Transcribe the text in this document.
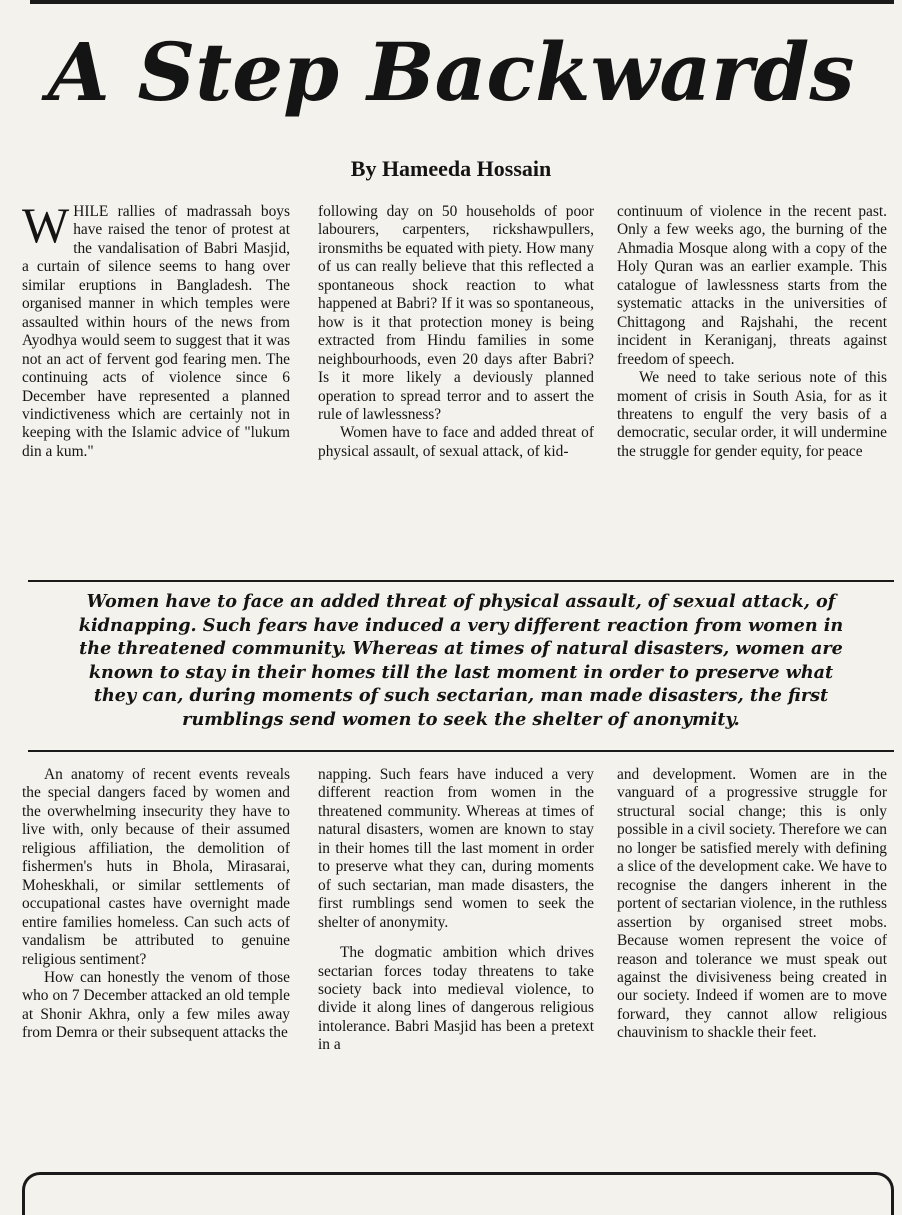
A Step Backwards
By Hameeda Hossain

WHILE rallies of madrassah boys have raised the tenor of protest at the vandalisation of Babri Masjid, a curtain of silence seems to hang over similar eruptions in Bangladesh. The organised manner in which temples were assaulted within hours of the news from Ayodhya would seem to suggest that it was not an act of fervent god fearing men. The continuing acts of violence since 6 December have represented a planned vindictiveness which are certainly not in keeping with the Islamic advice of "lukum din a kum."

following day on 50 households of poor labourers, carpenters, rickshawpullers, ironsmiths be equated with piety. How many of us can really believe that this reflected a spontaneous shock reaction to what happened at Babri? If it was so spontaneous, how is it that protection money is being extracted from Hindu families in some neighbourhoods, even 20 days after Babri? Is it more likely a deviously planned operation to spread terror and to assert the rule of lawlessness?

Women have to face and added threat of physical assault, of sexual attack, of kid-

continuum of violence in the recent past. Only a few weeks ago, the burning of the Ahmadia Mosque along with a copy of the Holy Quran was an earlier example. This catalogue of lawlessness starts from the systematic attacks in the universities of Chittagong and Rajshahi, the recent incident in Keraniganj, threats against freedom of speech.

We need to take serious note of this moment of crisis in South Asia, for as it threatens to engulf the very basis of a democratic, secular order, it will undermine the struggle for gender equity, for peace

Women have to face an added threat of physical assault, of sexual attack, of
kidnapping. Such fears have induced a very different reaction from women in
the threatened community. Whereas at times of natural disasters, women are
known to stay in their homes till the last moment in order to preserve what
they can, during moments of such sectarian, man made disasters, the first
rumblings send women to seek the shelter of anonymity.

An anatomy of recent events reveals the special dangers faced by women and the overwhelming insecurity they have to live with, only because of their assumed religious affiliation, the demolition of fishermen's huts in Bhola, Mirasarai, Moheskhali, or similar settlements of occupational castes have overnight made entire families homeless. Can such acts of vandalism be attributed to genuine religious sentiment?

How can honestly the venom of those who on 7 December attacked an old temple at Shonir Akhra, only a few miles away from Demra or their subsequent attacks the

napping. Such fears have induced a very different reaction from women in the threatened community. Whereas at times of natural disasters, women are known to stay in their homes till the last moment in order to preserve what they can, during moments of such sectarian, man made disasters, the first rumblings send women to seek the shelter of anonymity.

The dogmatic ambition which drives sectarian forces today threatens to take society back into medieval violence, to divide it along lines of dangerous religious intolerance. Babri Masjid has been a pretext in a

and development. Women are in the vanguard of a progressive struggle for structural social change; this is only possible in a civil society. Therefore we can no longer be satisfied merely with defining a slice of the development cake. We have to recognise the dangers inherent in the portent of sectarian violence, in the ruthless assertion by organised street mobs. Because women represent the voice of reason and tolerance we must speak out against the divisiveness being created in our society. Indeed if women are to move forward, they cannot allow religious chauvinism to shackle their feet.
